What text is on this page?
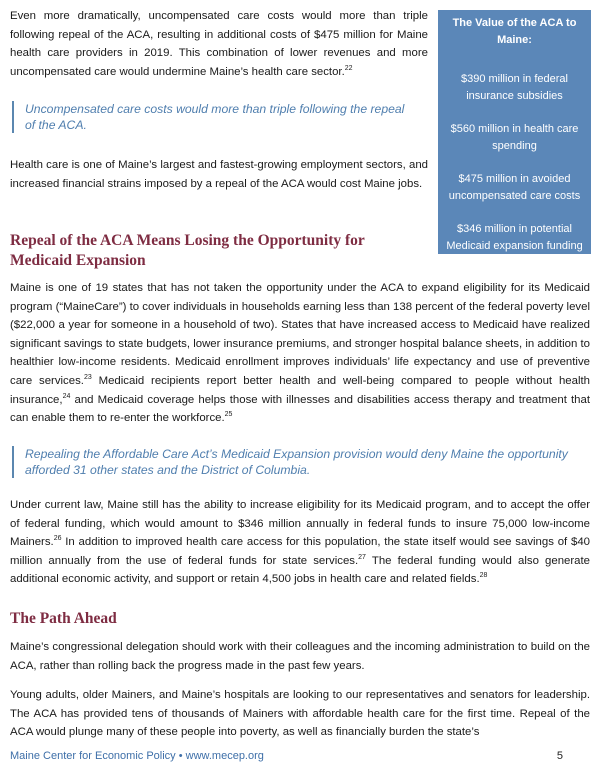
Even more dramatically, uncompensated care costs would more than triple following repeal of the ACA, resulting in additional costs of $475 million for Maine health care providers in 2019. This combination of lower revenues and more uncompensated care would undermine Maine’s health care sector.$^{22}$

Uncompensated care costs would more than triple following the repeal of the ACA.

Health care is one of Maine’s largest and fastest-growing employment sectors, and increased financial strains imposed by a repeal of the ACA would cost Maine jobs.

The Value of the ACA to Maine:
$390 million in federal insurance subsidies
$560 million in health care spending
$475 million in avoided uncompensated care costs
$346 million in potential Medicaid expansion funding
Repeal of the ACA Means Losing the Opportunity for Medicaid Expansion

Maine is one of 19 states that has not taken the opportunity under the ACA to expand eligibility for its Medicaid program (“MaineCare”) to cover individuals in households earning less than 138 percent of the federal poverty level ($22,000 a year for someone in a household of two). States that have increased access to Medicaid have realized significant savings to state budgets, lower insurance premiums, and stronger hospital balance sheets, in addition to healthier low-income residents. Medicaid enrollment improves individuals’ life expectancy and use of preventive care services.$^{23}$ Medicaid recipients report better health and well-being compared to people without health insurance,$^{24}$ and Medicaid coverage helps those with illnesses and disabilities access therapy and treatment that can enable them to re-enter the workforce.$^{25}$

Repealing the Affordable Care Act’s Medicaid Expansion provision would deny Maine the opportunity afforded 31 other states and the District of Columbia.

Under current law, Maine still has the ability to increase eligibility for its Medicaid program, and to accept the offer of federal funding, which would amount to $346 million annually in federal funds to insure 75,000 low-income Mainers.$^{26}$ In addition to improved health care access for this population, the state itself would see savings of $40 million annually from the use of federal funds for state services.$^{27}$ The federal funding would also generate additional economic activity, and support or retain 4,500 jobs in health care and related fields.$^{28}$

The Path Ahead

Maine’s congressional delegation should work with their colleagues and the incoming administration to build on the ACA, rather than rolling back the progress made in the past few years.

Young adults, older Mainers, and Maine’s hospitals are looking to our representatives and senators for leadership. The ACA has provided tens of thousands of Mainers with affordable health care for the first time. Repeal of the ACA would plunge many of these people into poverty, as well as financially burden the state’s

Maine Center for Economic Policy • www.mecep.org	5
